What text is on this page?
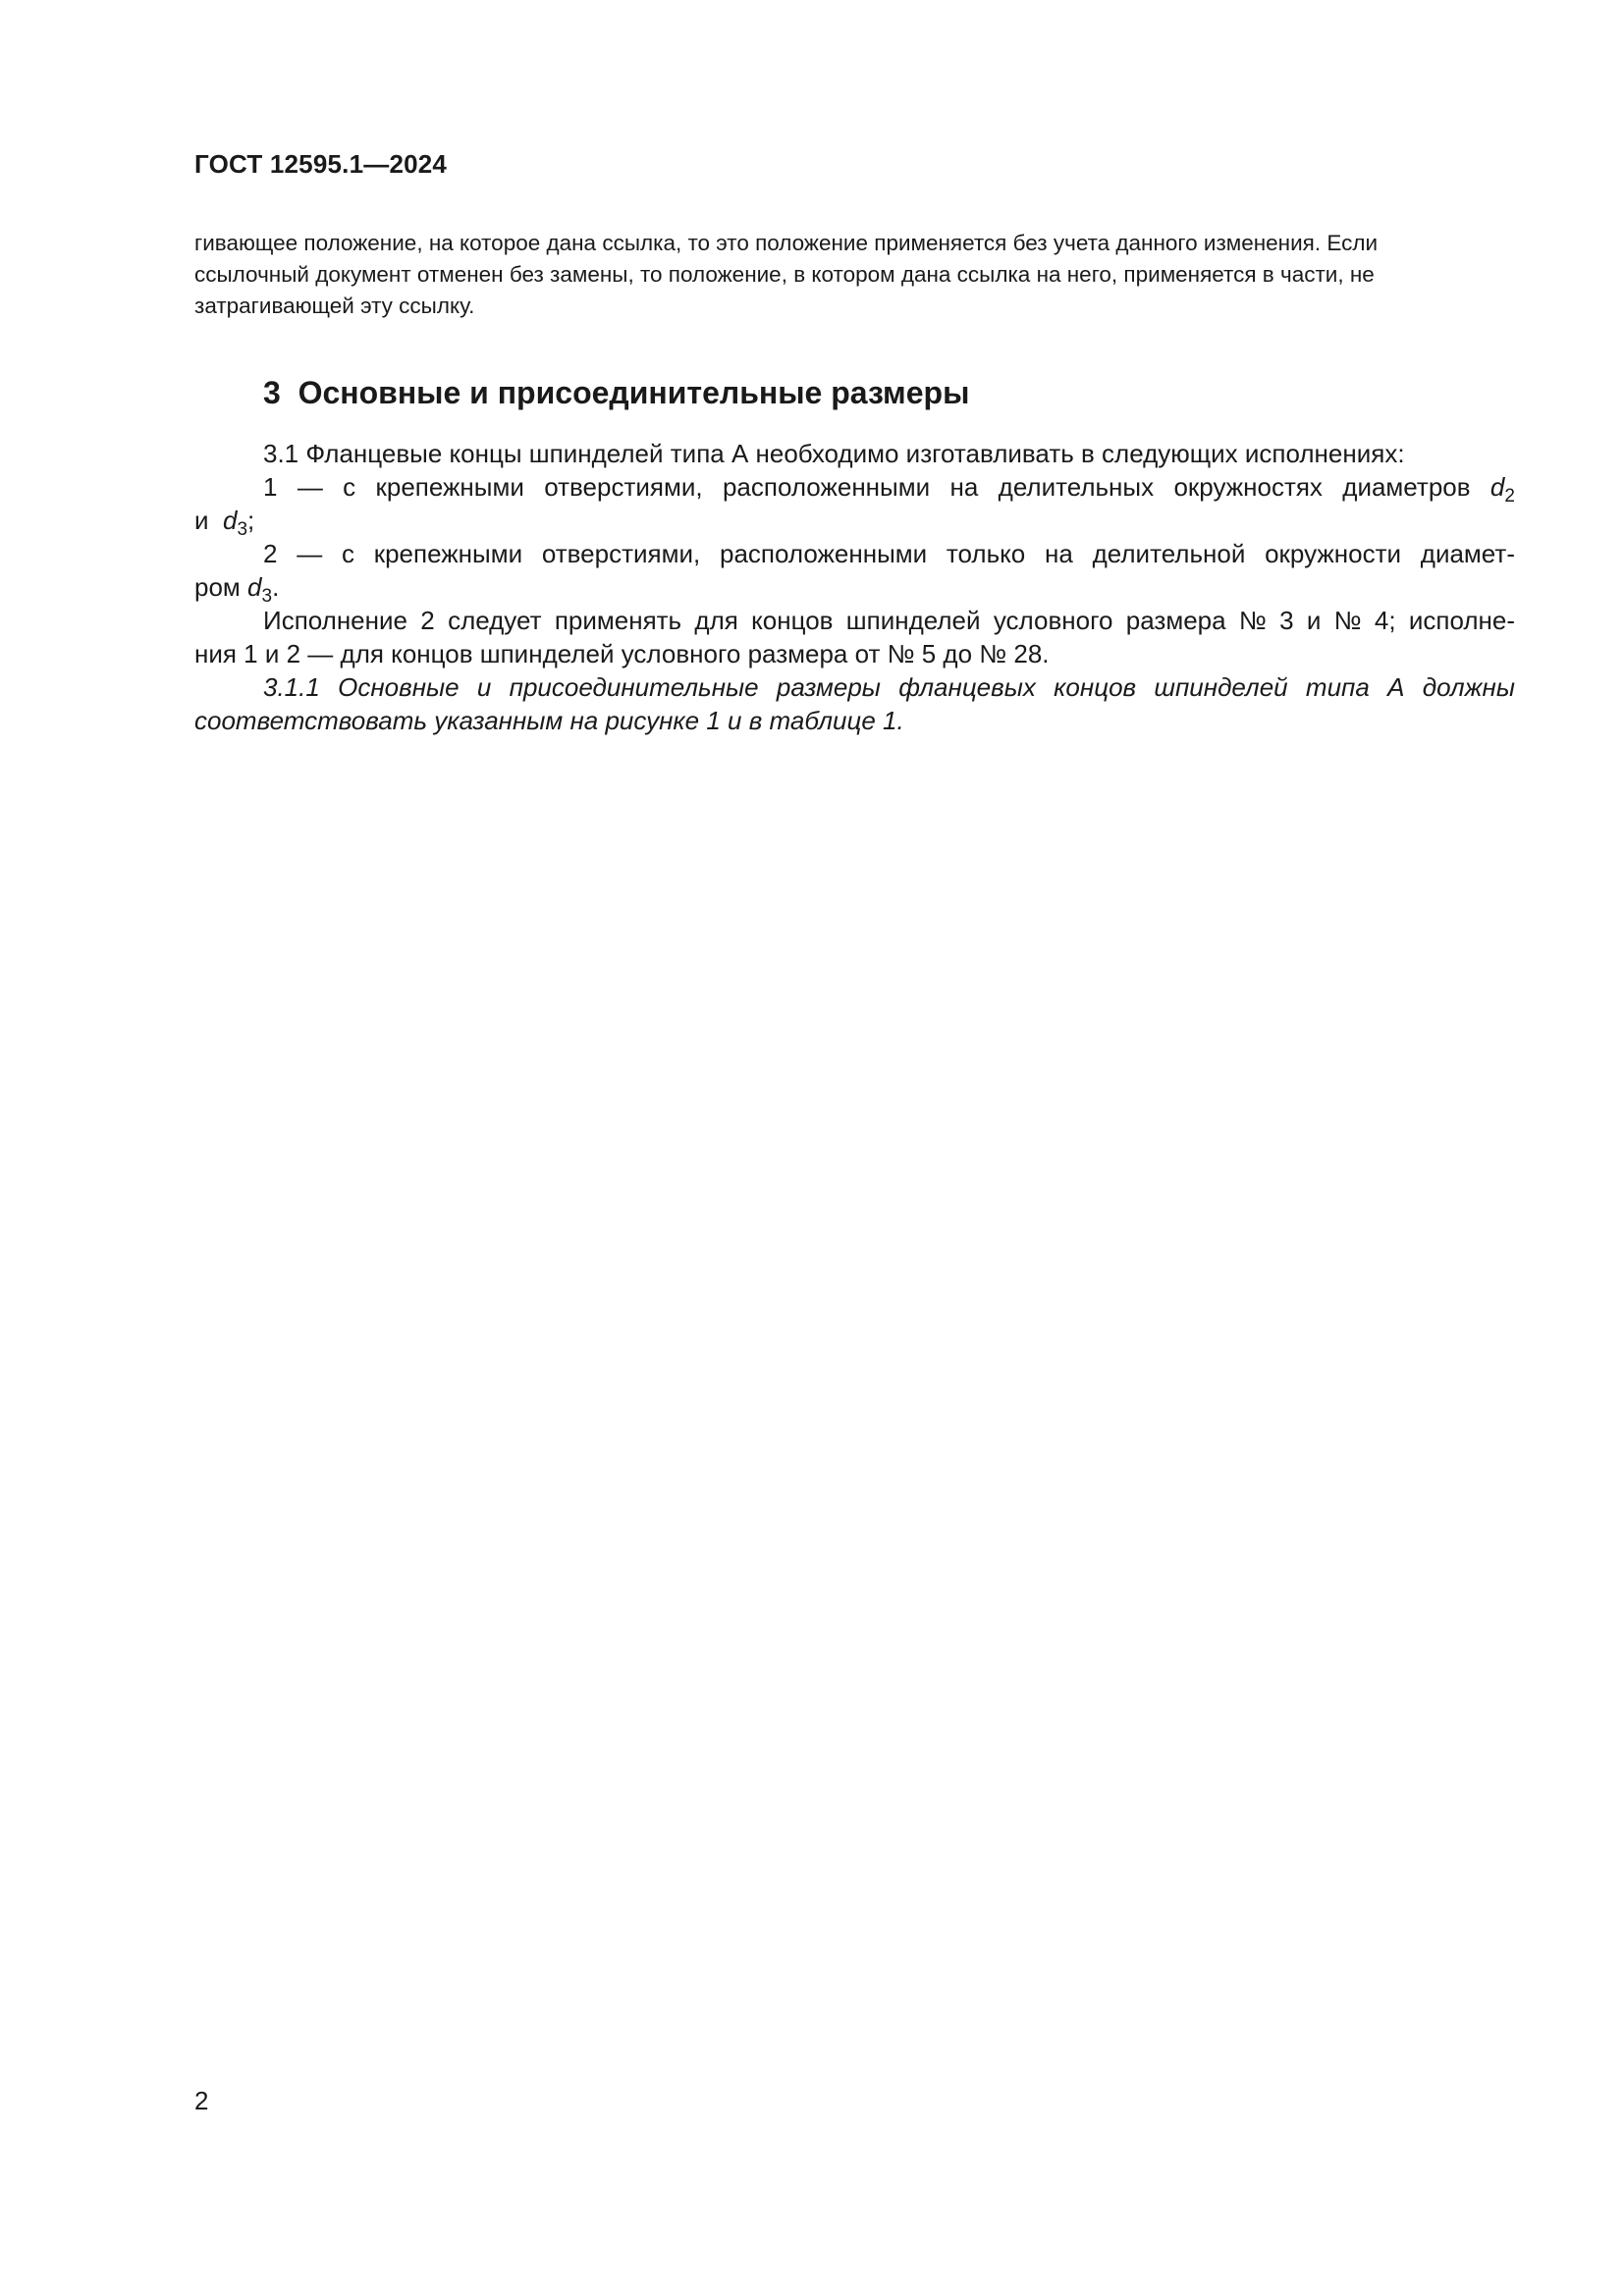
ГОСТ 12595.1—2024
гивающее положение, на которое дана ссылка, то это положение применяется без учета данного изменения. Если
ссылочный документ отменен без замены, то положение, в котором дана ссылка на него, применяется в части, не
затрагивающей эту ссылку.
3 Основные и присоединительные размеры
3.1 Фланцевые концы шпинделей типа А необходимо изготавливать в следующих исполнениях:
1 — с крепежными отверстиями, расположенными на делительных окружностях диаметров $d_2$
и $d_3$;
2 — с крепежными отверстиями, расположенными только на делительной окружности диамет-
ром $d_3$.
Исполнение 2 следует применять для концов шпинделей условного размера № 3 и № 4; исполне-
ния 1 и 2 — для концов шпинделей условного размера от № 5 до № 28.
3.1.1 Основные и присоединительные размеры фланцевых концов шпинделей типа А должны
соответствовать указанным на рисунке 1 и в таблице 1.
2
